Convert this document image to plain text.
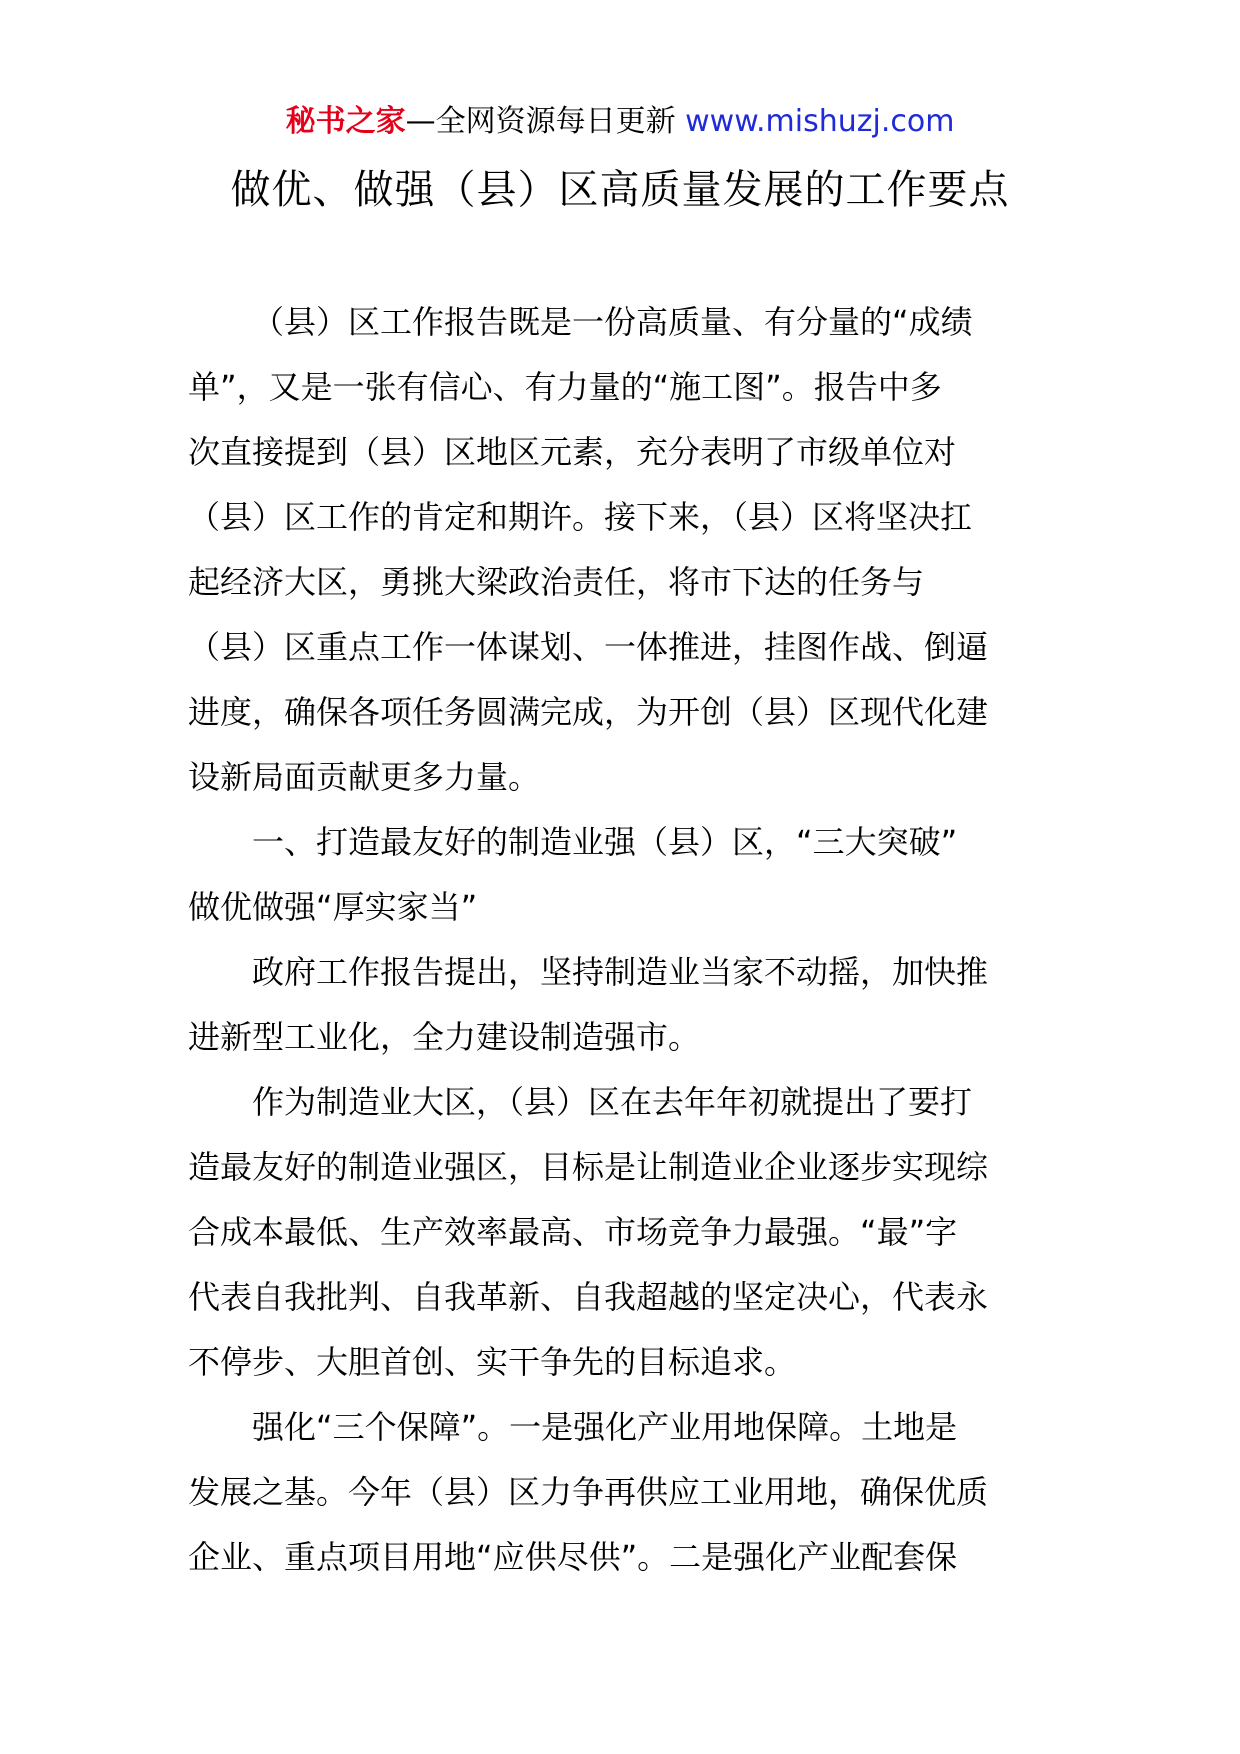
秘书之家—全网资源每日更新 www.mishuzj.com
做优、做强（县）区高质量发展的工作要点

（县）区工作报告既是一份高质量、有分量的“成绩
单”，又是一张有信心、有力量的“施工图”。报告中多
次直接提到（县）区地区元素，充分表明了市级单位对
（县）区工作的肯定和期许。接下来，（县）区将坚决扛
起经济大区，勇挑大梁政治责任，将市下达的任务与
（县）区重点工作一体谋划、一体推进，挂图作战、倒逼
进度，确保各项任务圆满完成，为开创（县）区现代化建
设新局面贡献更多力量。

一、打造最友好的制造业强（县）区，“三大突破”
做优做强“厚实家当”

政府工作报告提出，坚持制造业当家不动摇，加快推
进新型工业化，全力建设制造强市。

作为制造业大区，（县）区在去年年初就提出了要打
造最友好的制造业强区，目标是让制造业企业逐步实现综
合成本最低、生产效率最高、市场竞争力最强。“最”字
代表自我批判、自我革新、自我超越的坚定决心，代表永
不停步、大胆首创、实干争先的目标追求。

强化“三个保障”。一是强化产业用地保障。土地是
发展之基。今年（县）区力争再供应工业用地，确保优质
企业、重点项目用地“应供尽供”。二是强化产业配套保
